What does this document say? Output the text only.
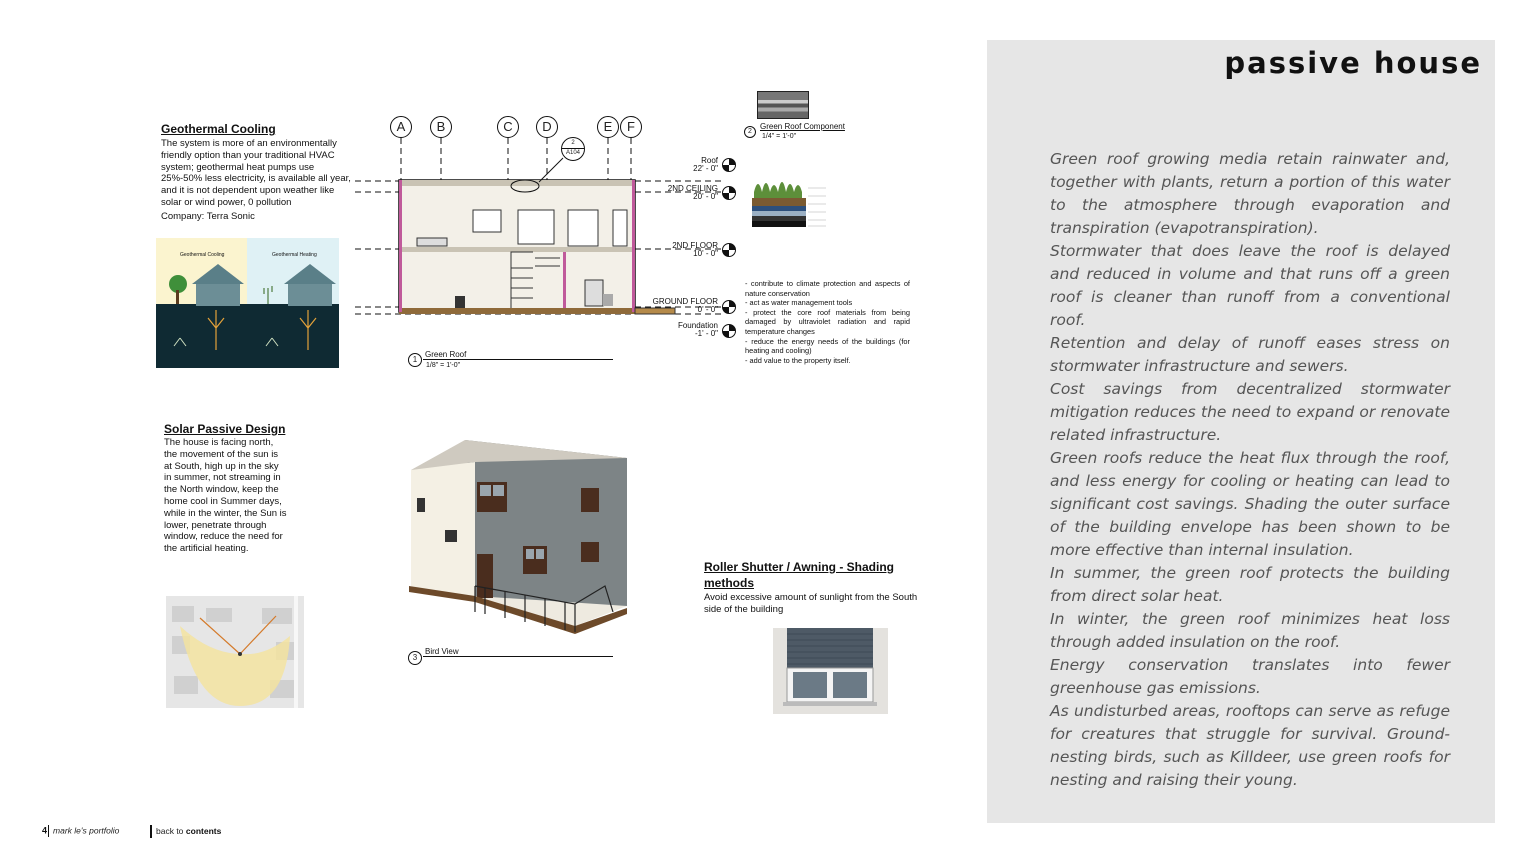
passive house

Green roof growing media retain rainwater and, together with plants, return a portion of this water to the atmosphere through evaporation and transpiration (evapotranspiration).

Stormwater that does leave the roof is delayed and reduced in volume and that runs off a green roof is cleaner than runoff from a conventional roof.

Retention and delay of runoff eases stress on stormwater infrastructure and sewers.

Cost savings from decentralized stormwater mitigation reduces the need to expand or renovate related infrastructure.

Green roofs reduce the heat flux through the roof, and less energy for cooling or heating can lead to significant cost savings. Shading the outer surface of the building envelope has been shown to be more effective than internal insulation.

In summer, the green roof protects the building from direct solar heat.

In winter, the green roof minimizes heat loss through added insulation on the roof.

Energy conservation translates into fewer greenhouse gas emissions.

As undisturbed areas, rooftops can serve as refuge for creatures that struggle for survival. Ground-nesting birds, such as Killdeer, use green roofs for nesting and raising their young.

Geothermal Cooling
The system is more of an environmentally friendly option than your traditional HVAC system; geothermal heat pumps use 25%-50% less electricity, is available all year, and it is not dependent upon weather like solar or wind power, 0 pollution
Company: Terra Sonic
Geothermal Cooling	Geothermal Heating
A	B	C	D	E	F
2
A104
Roof
22' - 0"
2ND CEILING
20' - 0"
2ND FLOOR
10' - 0"
GROUND FLOOR
0' - 0"
Foundation
-1' - 0"
1
Green Roof
1/8" = 1'-0"
2
Green Roof Component
1/4" = 1'-0"
- contribute to climate protection and aspects of nature conservation
- act as water management tools
- protect the core roof materials from being damaged by ultraviolet radiation and rapid temperature changes
- reduce the energy needs of the buildings (for heating and cooling)
- add value to the property itself.
Solar Passive Design
The house is facing north, the movement of the sun is at South, high up in the sky in summer, not streaming in the North window, keep the home cool in Summer days, while in the winter, the Sun is lower, penetrate through window, reduce the need for the artificial heating.
3
Bird View
Roller Shutter / Awning - Shading methods
Avoid excessive amount of sunlight from the South side of the building
4 mark le's portfolio	back to contents
